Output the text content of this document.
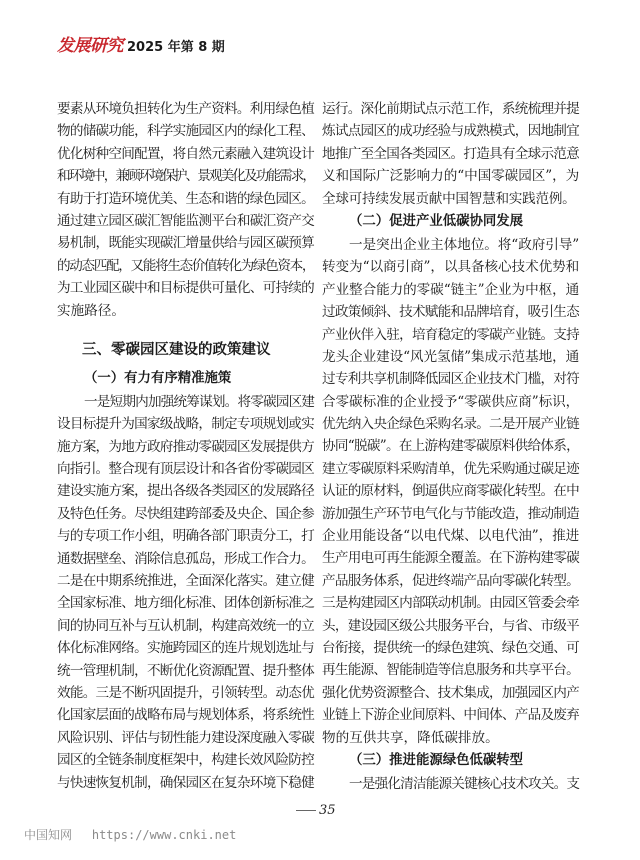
发展研究 2025 年第 8 期
要素从环境负担转化为生产资料。利用绿色植
物的储碳功能，科学实施园区内的绿化工程、
优化树种空间配置，将自然元素融入建筑设计
和环境中，兼顾环境保护、景观美化及功能需求，
有助于打造环境优美、生态和谐的绿色园区。
通过建立园区碳汇智能监测平台和碳汇资产交
易机制，既能实现碳汇增量供给与园区碳预算
的动态匹配，又能将生态价值转化为绿色资本，
为工业园区碳中和目标提供可量化、可持续的
实施路径。
三、零碳园区建设的政策建议
（一）有力有序精准施策
一是短期内加强统筹谋划。将零碳园区建
设目标提升为国家级战略，制定专项规划或实
施方案，为地方政府推动零碳园区发展提供方
向指引。整合现有顶层设计和各省份零碳园区
建设实施方案，提出各级各类园区的发展路径
及特色任务。尽快组建跨部委及央企、国企参
与的专项工作小组，明确各部门职责分工，打
通数据壁垒、消除信息孤岛，形成工作合力。
二是在中期系统推进，全面深化落实。建立健
全国家标准、地方细化标准、团体创新标准之
间的协同互补与互认机制，构建高效统一的立
体化标准网络。实施跨园区的连片规划选址与
统一管理机制，不断优化资源配置、提升整体
效能。三是不断巩固提升，引领转型。动态优
化国家层面的战略布局与规划体系，将系统性
风险识别、评估与韧性能力建设深度融入零碳
园区的全链条制度框架中，构建长效风险防控
与快速恢复机制，确保园区在复杂环境下稳健
运行。深化前期试点示范工作，系统梳理并提
炼试点园区的成功经验与成熟模式，因地制宜
地推广至全国各类园区。打造具有全球示范意
义和国际广泛影响力的“中国零碳园区”，为
全球可持续发展贡献中国智慧和实践范例。
（二）促进产业低碳协同发展
一是突出企业主体地位。将“政府引导”
转变为“以商引商”，以具备核心技术优势和
产业整合能力的零碳“链主”企业为中枢，通
过政策倾斜、技术赋能和品牌培育，吸引生态
产业伙伴入驻，培育稳定的零碳产业链。支持
龙头企业建设“风光氢储”集成示范基地，通
过专利共享机制降低园区企业技术门槛，对符
合零碳标准的企业授予“零碳供应商”标识，
优先纳入央企绿色采购名录。二是开展产业链
协同“脱碳”。在上游构建零碳原料供给体系，
建立零碳原料采购清单，优先采购通过碳足迹
认证的原材料，倒逼供应商零碳化转型。在中
游加强生产环节电气化与节能改造，推动制造
企业用能设备“以电代煤、以电代油”，推进
生产用电可再生能源全覆盖。在下游构建零碳
产品服务体系，促进终端产品向零碳化转型。
三是构建园区内部联动机制。由园区管委会牵
头，建设园区级公共服务平台，与省、市级平
台衔接，提供统一的绿色建筑、绿色交通、可
再生能源、智能制造等信息服务和共享平台。
强化优势资源整合、技术集成，加强园区内产
业链上下游企业间原料、中间体、产品及废弃
物的互供共享，降低碳排放。
（三）推进能源绿色低碳转型
一是强化清洁能源关键核心技术攻关。支
35
中国知网 https://www.cnki.net
